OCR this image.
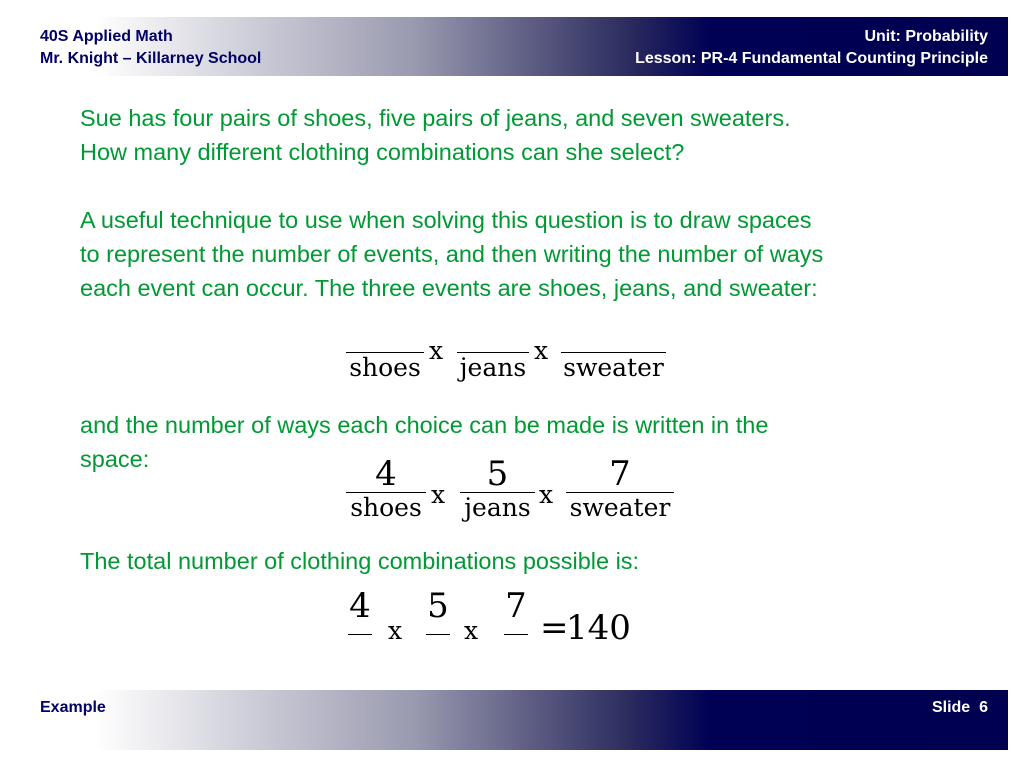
40S Applied Math
Mr. Knight – Killarney School
Unit: Probability
Lesson: PR-4 Fundamental Counting Principle
Sue has four pairs of shoes, five pairs of jeans, and seven sweaters.
How many different clothing combinations can she select?
A useful technique to use when solving this question is to draw spaces
to represent the number of events, and then writing the number of ways
each event can occur. The three events are shoes, jeans, and sweater:
shoes
x
jeans
x
sweater
and the number of ways each choice can be made is written in the
space:	4
shoes x
5
jeans x
7
sweater
The total number of clothing combinations possible is:
4
x
5
x
7
=
140
Example	Slide 6
